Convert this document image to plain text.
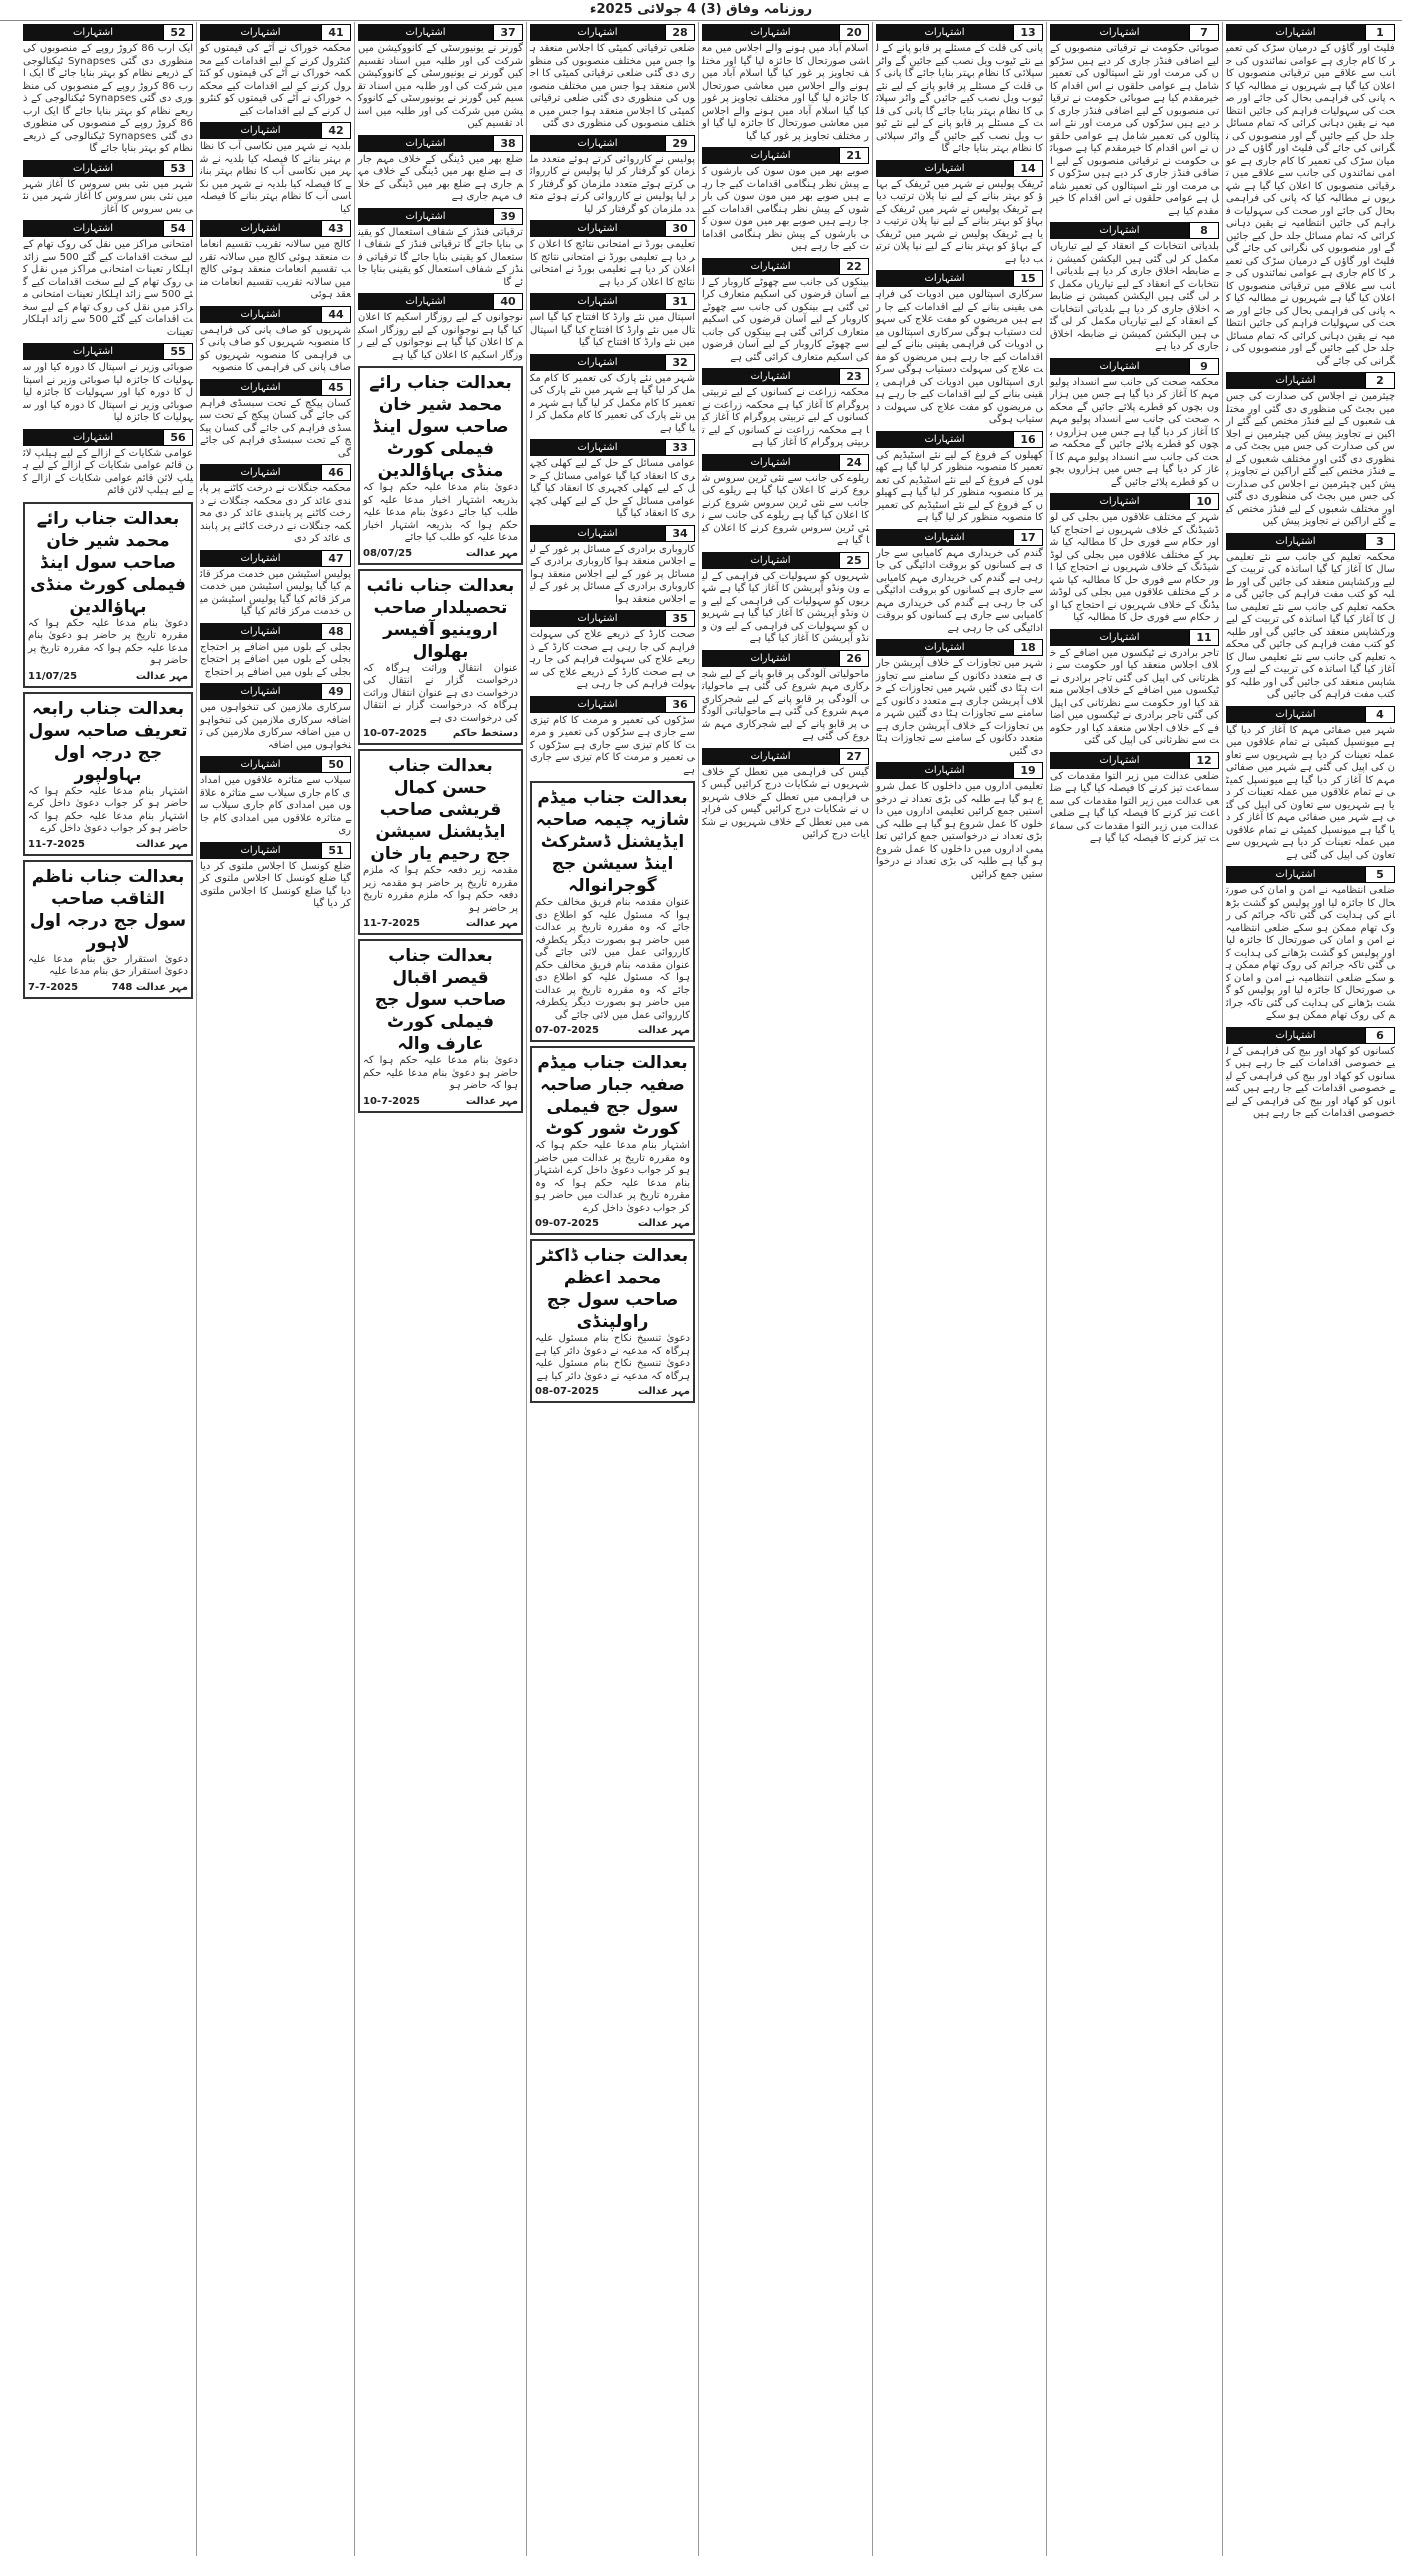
روزنامہ وفاق (3) 4 جولائی 2025ء
1
اشتہارات
فلیٹ اور گاؤں کے درمیان سڑک کی تعمیر کا کام جاری ہے عوامی نمائندوں کی جانب سے علاقے میں ترقیاتی منصوبوں کا اعلان کیا گیا ہے شہریوں نے مطالبہ کیا کہ پانی کی فراہمی بحال کی جائے اور صحت کی سہولیات فراہم کی جائیں انتظامیہ نے یقین دہانی کرائی کہ تمام مسائل جلد حل کیے جائیں گے اور منصوبوں کی نگرانی کی جائے گی فلیٹ اور گاؤں کے درمیان سڑک کی تعمیر کا کام جاری ہے عوامی نمائندوں کی جانب سے علاقے میں ترقیاتی منصوبوں کا اعلان کیا گیا ہے شہریوں نے مطالبہ کیا کہ پانی کی فراہمی بحال کی جائے اور صحت کی سہولیات فراہم کی جائیں انتظامیہ نے یقین دہانی کرائی کہ تمام مسائل جلد حل کیے جائیں گے اور منصوبوں کی نگرانی کی جائے گی فلیٹ اور گاؤں کے درمیان سڑک کی تعمیر کا کام جاری ہے عوامی نمائندوں کی جانب سے علاقے میں ترقیاتی منصوبوں کا اعلان کیا گیا ہے شہریوں نے مطالبہ کیا کہ پانی کی فراہمی بحال کی جائے اور صحت کی سہولیات فراہم کی جائیں انتظامیہ نے یقین دہانی کرائی کہ تمام مسائل جلد حل کیے جائیں گے اور منصوبوں کی نگرانی کی جائے گی
2
اشتہارات
چیئرمین نے اجلاس کی صدارت کی جس میں بجٹ کی منظوری دی گئی اور مختلف شعبوں کے لیے فنڈز مختص کیے گئے اراکین نے تجاویز پیش کیں چیئرمین نے اجلاس کی صدارت کی جس میں بجٹ کی منظوری دی گئی اور مختلف شعبوں کے لیے فنڈز مختص کیے گئے اراکین نے تجاویز پیش کیں چیئرمین نے اجلاس کی صدارت کی جس میں بجٹ کی منظوری دی گئی اور مختلف شعبوں کے لیے فنڈز مختص کیے گئے اراکین نے تجاویز پیش کیں
3
اشتہارات
محکمہ تعلیم کی جانب سے نئے تعلیمی سال کا آغاز کیا گیا اساتذہ کی تربیت کے لیے ورکشاپس منعقد کی جائیں گی اور طلبہ کو کتب مفت فراہم کی جائیں گی محکمہ تعلیم کی جانب سے نئے تعلیمی سال کا آغاز کیا گیا اساتذہ کی تربیت کے لیے ورکشاپس منعقد کی جائیں گی اور طلبہ کو کتب مفت فراہم کی جائیں گی محکمہ تعلیم کی جانب سے نئے تعلیمی سال کا آغاز کیا گیا اساتذہ کی تربیت کے لیے ورکشاپس منعقد کی جائیں گی اور طلبہ کو کتب مفت فراہم کی جائیں گی
4
اشتہارات
شہر میں صفائی مہم کا آغاز کر دیا گیا ہے میونسپل کمیٹی نے تمام علاقوں میں عملہ تعینات کر دیا ہے شہریوں سے تعاون کی اپیل کی گئی ہے شہر میں صفائی مہم کا آغاز کر دیا گیا ہے میونسپل کمیٹی نے تمام علاقوں میں عملہ تعینات کر دیا ہے شہریوں سے تعاون کی اپیل کی گئی ہے شہر میں صفائی مہم کا آغاز کر دیا گیا ہے میونسپل کمیٹی نے تمام علاقوں میں عملہ تعینات کر دیا ہے شہریوں سے تعاون کی اپیل کی گئی ہے
5
اشتہارات
ضلعی انتظامیہ نے امن و امان کی صورتحال کا جائزہ لیا اور پولیس کو گشت بڑھانے کی ہدایت کی گئی تاکہ جرائم کی روک تھام ممکن ہو سکے ضلعی انتظامیہ نے امن و امان کی صورتحال کا جائزہ لیا اور پولیس کو گشت بڑھانے کی ہدایت کی گئی تاکہ جرائم کی روک تھام ممکن ہو سکے ضلعی انتظامیہ نے امن و امان کی صورتحال کا جائزہ لیا اور پولیس کو گشت بڑھانے کی ہدایت کی گئی تاکہ جرائم کی روک تھام ممکن ہو سکے
6
اشتہارات
کسانوں کو کھاد اور بیج کی فراہمی کے لیے خصوصی اقدامات کیے جا رہے ہیں کسانوں کو کھاد اور بیج کی فراہمی کے لیے خصوصی اقدامات کیے جا رہے ہیں کسانوں کو کھاد اور بیج کی فراہمی کے لیے خصوصی اقدامات کیے جا رہے ہیں
7
اشتہارات
صوبائی حکومت نے ترقیاتی منصوبوں کے لیے اضافی فنڈز جاری کر دیے ہیں سڑکوں کی مرمت اور نئے اسپتالوں کی تعمیر شامل ہے عوامی حلقوں نے اس اقدام کا خیرمقدم کیا ہے صوبائی حکومت نے ترقیاتی منصوبوں کے لیے اضافی فنڈز جاری کر دیے ہیں سڑکوں کی مرمت اور نئے اسپتالوں کی تعمیر شامل ہے عوامی حلقوں نے اس اقدام کا خیرمقدم کیا ہے صوبائی حکومت نے ترقیاتی منصوبوں کے لیے اضافی فنڈز جاری کر دیے ہیں سڑکوں کی مرمت اور نئے اسپتالوں کی تعمیر شامل ہے عوامی حلقوں نے اس اقدام کا خیرمقدم کیا ہے
8
اشتہارات
بلدیاتی انتخابات کے انعقاد کے لیے تیاریاں مکمل کر لی گئی ہیں الیکشن کمیشن نے ضابطہ اخلاق جاری کر دیا ہے بلدیاتی انتخابات کے انعقاد کے لیے تیاریاں مکمل کر لی گئی ہیں الیکشن کمیشن نے ضابطہ اخلاق جاری کر دیا ہے بلدیاتی انتخابات کے انعقاد کے لیے تیاریاں مکمل کر لی گئی ہیں الیکشن کمیشن نے ضابطہ اخلاق جاری کر دیا ہے
9
اشتہارات
محکمہ صحت کی جانب سے انسداد پولیو مہم کا آغاز کر دیا گیا ہے جس میں ہزاروں بچوں کو قطرے پلائے جائیں گے محکمہ صحت کی جانب سے انسداد پولیو مہم کا آغاز کر دیا گیا ہے جس میں ہزاروں بچوں کو قطرے پلائے جائیں گے محکمہ صحت کی جانب سے انسداد پولیو مہم کا آغاز کر دیا گیا ہے جس میں ہزاروں بچوں کو قطرے پلائے جائیں گے
10
اشتہارات
شہر کے مختلف علاقوں میں بجلی کی لوڈشیڈنگ کے خلاف شہریوں نے احتجاج کیا اور حکام سے فوری حل کا مطالبہ کیا شہر کے مختلف علاقوں میں بجلی کی لوڈشیڈنگ کے خلاف شہریوں نے احتجاج کیا اور حکام سے فوری حل کا مطالبہ کیا شہر کے مختلف علاقوں میں بجلی کی لوڈشیڈنگ کے خلاف شہریوں نے احتجاج کیا اور حکام سے فوری حل کا مطالبہ کیا
11
اشتہارات
تاجر برادری نے ٹیکسوں میں اضافے کے خلاف اجلاس منعقد کیا اور حکومت سے نظرثانی کی اپیل کی گئی تاجر برادری نے ٹیکسوں میں اضافے کے خلاف اجلاس منعقد کیا اور حکومت سے نظرثانی کی اپیل کی گئی تاجر برادری نے ٹیکسوں میں اضافے کے خلاف اجلاس منعقد کیا اور حکومت سے نظرثانی کی اپیل کی گئی
12
اشتہارات
ضلعی عدالت میں زیر التوا مقدمات کی سماعت تیز کرنے کا فیصلہ کیا گیا ہے ضلعی عدالت میں زیر التوا مقدمات کی سماعت تیز کرنے کا فیصلہ کیا گیا ہے ضلعی عدالت میں زیر التوا مقدمات کی سماعت تیز کرنے کا فیصلہ کیا گیا ہے
13
اشتہارات
پانی کی قلت کے مسئلے پر قابو پانے کے لیے نئے ٹیوب ویل نصب کیے جائیں گے واٹر سپلائی کا نظام بہتر بنایا جائے گا پانی کی قلت کے مسئلے پر قابو پانے کے لیے نئے ٹیوب ویل نصب کیے جائیں گے واٹر سپلائی کا نظام بہتر بنایا جائے گا پانی کی قلت کے مسئلے پر قابو پانے کے لیے نئے ٹیوب ویل نصب کیے جائیں گے واٹر سپلائی کا نظام بہتر بنایا جائے گا
14
اشتہارات
ٹریفک پولیس نے شہر میں ٹریفک کے بہاؤ کو بہتر بنانے کے لیے نیا پلان ترتیب دیا ہے ٹریفک پولیس نے شہر میں ٹریفک کے بہاؤ کو بہتر بنانے کے لیے نیا پلان ترتیب دیا ہے ٹریفک پولیس نے شہر میں ٹریفک کے بہاؤ کو بہتر بنانے کے لیے نیا پلان ترتیب دیا ہے
15
اشتہارات
سرکاری اسپتالوں میں ادویات کی فراہمی یقینی بنانے کے لیے اقدامات کیے جا رہے ہیں مریضوں کو مفت علاج کی سہولت دستیاب ہوگی سرکاری اسپتالوں میں ادویات کی فراہمی یقینی بنانے کے لیے اقدامات کیے جا رہے ہیں مریضوں کو مفت علاج کی سہولت دستیاب ہوگی سرکاری اسپتالوں میں ادویات کی فراہمی یقینی بنانے کے لیے اقدامات کیے جا رہے ہیں مریضوں کو مفت علاج کی سہولت دستیاب ہوگی
16
اشتہارات
کھیلوں کے فروغ کے لیے نئے اسٹیڈیم کی تعمیر کا منصوبہ منظور کر لیا گیا ہے کھیلوں کے فروغ کے لیے نئے اسٹیڈیم کی تعمیر کا منصوبہ منظور کر لیا گیا ہے کھیلوں کے فروغ کے لیے نئے اسٹیڈیم کی تعمیر کا منصوبہ منظور کر لیا گیا ہے
17
اشتہارات
گندم کی خریداری مہم کامیابی سے جاری ہے کسانوں کو بروقت ادائیگی کی جا رہی ہے گندم کی خریداری مہم کامیابی سے جاری ہے کسانوں کو بروقت ادائیگی کی جا رہی ہے گندم کی خریداری مہم کامیابی سے جاری ہے کسانوں کو بروقت ادائیگی کی جا رہی ہے
18
اشتہارات
شہر میں تجاوزات کے خلاف آپریشن جاری ہے متعدد دکانوں کے سامنے سے تجاوزات ہٹا دی گئیں شہر میں تجاوزات کے خلاف آپریشن جاری ہے متعدد دکانوں کے سامنے سے تجاوزات ہٹا دی گئیں شہر میں تجاوزات کے خلاف آپریشن جاری ہے متعدد دکانوں کے سامنے سے تجاوزات ہٹا دی گئیں
19
اشتہارات
تعلیمی اداروں میں داخلوں کا عمل شروع ہو گیا ہے طلبہ کی بڑی تعداد نے درخواستیں جمع کرائیں تعلیمی اداروں میں داخلوں کا عمل شروع ہو گیا ہے طلبہ کی بڑی تعداد نے درخواستیں جمع کرائیں تعلیمی اداروں میں داخلوں کا عمل شروع ہو گیا ہے طلبہ کی بڑی تعداد نے درخواستیں جمع کرائیں
20
اشتہارات
اسلام آباد میں ہونے والے اجلاس میں معاشی صورتحال کا جائزہ لیا گیا اور مختلف تجاویز پر غور کیا گیا اسلام آباد میں ہونے والے اجلاس میں معاشی صورتحال کا جائزہ لیا گیا اور مختلف تجاویز پر غور کیا گیا اسلام آباد میں ہونے والے اجلاس میں معاشی صورتحال کا جائزہ لیا گیا اور مختلف تجاویز پر غور کیا گیا
21
اشتہارات
صوبے بھر میں مون سون کی بارشوں کے پیش نظر ہنگامی اقدامات کیے جا رہے ہیں صوبے بھر میں مون سون کی بارشوں کے پیش نظر ہنگامی اقدامات کیے جا رہے ہیں صوبے بھر میں مون سون کی بارشوں کے پیش نظر ہنگامی اقدامات کیے جا رہے ہیں
22
اشتہارات
بینکوں کی جانب سے چھوٹے کاروبار کے لیے آسان قرضوں کی اسکیم متعارف کرائی گئی ہے بینکوں کی جانب سے چھوٹے کاروبار کے لیے آسان قرضوں کی اسکیم متعارف کرائی گئی ہے بینکوں کی جانب سے چھوٹے کاروبار کے لیے آسان قرضوں کی اسکیم متعارف کرائی گئی ہے
23
اشتہارات
محکمہ زراعت نے کسانوں کے لیے تربیتی پروگرام کا آغاز کیا ہے محکمہ زراعت نے کسانوں کے لیے تربیتی پروگرام کا آغاز کیا ہے محکمہ زراعت نے کسانوں کے لیے تربیتی پروگرام کا آغاز کیا ہے
24
اشتہارات
ریلوے کی جانب سے نئی ٹرین سروس شروع کرنے کا اعلان کیا گیا ہے ریلوے کی جانب سے نئی ٹرین سروس شروع کرنے کا اعلان کیا گیا ہے ریلوے کی جانب سے نئی ٹرین سروس شروع کرنے کا اعلان کیا گیا ہے
25
اشتہارات
شہریوں کو سہولیات کی فراہمی کے لیے ون ونڈو آپریشن کا آغاز کیا گیا ہے شہریوں کو سہولیات کی فراہمی کے لیے ون ونڈو آپریشن کا آغاز کیا گیا ہے شہریوں کو سہولیات کی فراہمی کے لیے ون ونڈو آپریشن کا آغاز کیا گیا ہے
26
اشتہارات
ماحولیاتی آلودگی پر قابو پانے کے لیے شجرکاری مہم شروع کی گئی ہے ماحولیاتی آلودگی پر قابو پانے کے لیے شجرکاری مہم شروع کی گئی ہے ماحولیاتی آلودگی پر قابو پانے کے لیے شجرکاری مہم شروع کی گئی ہے
27
اشتہارات
گیس کی فراہمی میں تعطل کے خلاف شہریوں نے شکایات درج کرائیں گیس کی فراہمی میں تعطل کے خلاف شہریوں نے شکایات درج کرائیں گیس کی فراہمی میں تعطل کے خلاف شہریوں نے شکایات درج کرائیں
28
اشتہارات
ضلعی ترقیاتی کمیٹی کا اجلاس منعقد ہوا جس میں مختلف منصوبوں کی منظوری دی گئی ضلعی ترقیاتی کمیٹی کا اجلاس منعقد ہوا جس میں مختلف منصوبوں کی منظوری دی گئی ضلعی ترقیاتی کمیٹی کا اجلاس منعقد ہوا جس میں مختلف منصوبوں کی منظوری دی گئی
29
اشتہارات
پولیس نے کارروائی کرتے ہوئے متعدد ملزمان کو گرفتار کر لیا پولیس نے کارروائی کرتے ہوئے متعدد ملزمان کو گرفتار کر لیا پولیس نے کارروائی کرتے ہوئے متعدد ملزمان کو گرفتار کر لیا
30
اشتہارات
تعلیمی بورڈ نے امتحانی نتائج کا اعلان کر دیا ہے تعلیمی بورڈ نے امتحانی نتائج کا اعلان کر دیا ہے تعلیمی بورڈ نے امتحانی نتائج کا اعلان کر دیا ہے
31
اشتہارات
اسپتال میں نئے وارڈ کا افتتاح کیا گیا اسپتال میں نئے وارڈ کا افتتاح کیا گیا اسپتال میں نئے وارڈ کا افتتاح کیا گیا
32
اشتہارات
شہر میں نئے پارک کی تعمیر کا کام مکمل کر لیا گیا ہے شہر میں نئے پارک کی تعمیر کا کام مکمل کر لیا گیا ہے شہر میں نئے پارک کی تعمیر کا کام مکمل کر لیا گیا ہے
33
اشتہارات
عوامی مسائل کے حل کے لیے کھلی کچہری کا انعقاد کیا گیا عوامی مسائل کے حل کے لیے کھلی کچہری کا انعقاد کیا گیا عوامی مسائل کے حل کے لیے کھلی کچہری کا انعقاد کیا گیا
34
اشتہارات
کاروباری برادری کے مسائل پر غور کے لیے اجلاس منعقد ہوا کاروباری برادری کے مسائل پر غور کے لیے اجلاس منعقد ہوا کاروباری برادری کے مسائل پر غور کے لیے اجلاس منعقد ہوا
35
اشتہارات
صحت کارڈ کے ذریعے علاج کی سہولت فراہم کی جا رہی ہے صحت کارڈ کے ذریعے علاج کی سہولت فراہم کی جا رہی ہے صحت کارڈ کے ذریعے علاج کی سہولت فراہم کی جا رہی ہے
36
اشتہارات
سڑکوں کی تعمیر و مرمت کا کام تیزی سے جاری ہے سڑکوں کی تعمیر و مرمت کا کام تیزی سے جاری ہے سڑکوں کی تعمیر و مرمت کا کام تیزی سے جاری ہے
بعدالت جناب میڈم شازیہ چیمہ صاحبہ ایڈیشنل ڈسٹرکٹ اینڈ سیشن جج گوجرانوالہ
عنوان مقدمہ بنام فریق مخالف حکم ہوا کہ مسئول علیہ کو اطلاع دی جائے کہ وہ مقررہ تاریخ پر عدالت میں حاضر ہو بصورت دیگر یکطرفہ کارروائی عمل میں لائی جائے گی عنوان مقدمہ بنام فریق مخالف حکم ہوا کہ مسئول علیہ کو اطلاع دی جائے کہ وہ مقررہ تاریخ پر عدالت میں حاضر ہو بصورت دیگر یکطرفہ کارروائی عمل میں لائی جائے گی
مہر عدالت
07-07-2025
بعدالت جناب میڈم صفیہ جبار صاحبہ سول جج فیملی کورٹ شور کوٹ
اشتہار بنام مدعا علیہ حکم ہوا کہ وہ مقررہ تاریخ پر عدالت میں حاضر ہو کر جواب دعویٰ داخل کرے اشتہار بنام مدعا علیہ حکم ہوا کہ وہ مقررہ تاریخ پر عدالت میں حاضر ہو کر جواب دعویٰ داخل کرے
مہر عدالت
09-07-2025
بعدالت جناب ڈاکٹر محمد اعظم صاحب سول جج راولپنڈی
دعویٰ تنسیخ نکاح بنام مسئول علیہ ہرگاہ کہ مدعیہ نے دعویٰ دائر کیا ہے دعویٰ تنسیخ نکاح بنام مسئول علیہ ہرگاہ کہ مدعیہ نے دعویٰ دائر کیا ہے
مہر عدالت
08-07-2025
37
اشتہارات
گورنر نے یونیورسٹی کے کانووکیشن میں شرکت کی اور طلبہ میں اسناد تقسیم کیں گورنر نے یونیورسٹی کے کانووکیشن میں شرکت کی اور طلبہ میں اسناد تقسیم کیں گورنر نے یونیورسٹی کے کانووکیشن میں شرکت کی اور طلبہ میں اسناد تقسیم کیں
38
اشتہارات
ضلع بھر میں ڈینگی کے خلاف مہم جاری ہے ضلع بھر میں ڈینگی کے خلاف مہم جاری ہے ضلع بھر میں ڈینگی کے خلاف مہم جاری ہے
39
اشتہارات
ترقیاتی فنڈز کے شفاف استعمال کو یقینی بنایا جائے گا ترقیاتی فنڈز کے شفاف استعمال کو یقینی بنایا جائے گا ترقیاتی فنڈز کے شفاف استعمال کو یقینی بنایا جائے گا
40
اشتہارات
نوجوانوں کے لیے روزگار اسکیم کا اعلان کیا گیا ہے نوجوانوں کے لیے روزگار اسکیم کا اعلان کیا گیا ہے نوجوانوں کے لیے روزگار اسکیم کا اعلان کیا گیا ہے
بعدالت جناب رائے محمد شیر خان صاحب سول اینڈ فیملی کورٹ منڈی بہاؤالدین
دعویٰ بنام مدعا علیہ حکم ہوا کہ بذریعہ اشتہار اخبار مدعا علیہ کو طلب کیا جائے دعویٰ بنام مدعا علیہ حکم ہوا کہ بذریعہ اشتہار اخبار مدعا علیہ کو طلب کیا جائے
مہر عدالت
08/07/25
بعدالت جناب نائب تحصیلدار صاحب اروینیو آفیسر بھلوال
عنوان انتقال وراثت ہرگاہ کہ درخواست گزار نے انتقال کی درخواست دی ہے عنوان انتقال وراثت ہرگاہ کہ درخواست گزار نے انتقال کی درخواست دی ہے
دستخط حاکم
10-07-2025
بعدالت جناب حسن کمال قریشی صاحب ایڈیشنل سیشن جج رحیم یار خان
مقدمہ زیر دفعہ حکم ہوا کہ ملزم مقررہ تاریخ پر حاضر ہو مقدمہ زیر دفعہ حکم ہوا کہ ملزم مقررہ تاریخ پر حاضر ہو
مہر عدالت
11-7-2025
بعدالت جناب قیصر اقبال صاحب سول جج فیملی کورٹ عارف والہ
دعویٰ بنام مدعا علیہ حکم ہوا کہ حاضر ہو دعویٰ بنام مدعا علیہ حکم ہوا کہ حاضر ہو
مہر عدالت
10-7-2025
41
اشتہارات
محکمہ خوراک نے آٹے کی قیمتوں کو کنٹرول کرنے کے لیے اقدامات کیے محکمہ خوراک نے آٹے کی قیمتوں کو کنٹرول کرنے کے لیے اقدامات کیے محکمہ خوراک نے آٹے کی قیمتوں کو کنٹرول کرنے کے لیے اقدامات کیے
42
اشتہارات
بلدیہ نے شہر میں نکاسی آب کا نظام بہتر بنانے کا فیصلہ کیا بلدیہ نے شہر میں نکاسی آب کا نظام بہتر بنانے کا فیصلہ کیا بلدیہ نے شہر میں نکاسی آب کا نظام بہتر بنانے کا فیصلہ کیا
43
اشتہارات
کالج میں سالانہ تقریب تقسیم انعامات منعقد ہوئی کالج میں سالانہ تقریب تقسیم انعامات منعقد ہوئی کالج میں سالانہ تقریب تقسیم انعامات منعقد ہوئی
44
اشتہارات
شہریوں کو صاف پانی کی فراہمی کا منصوبہ شہریوں کو صاف پانی کی فراہمی کا منصوبہ شہریوں کو صاف پانی کی فراہمی کا منصوبہ
45
اشتہارات
کسان پیکج کے تحت سبسڈی فراہم کی جائے گی کسان پیکج کے تحت سبسڈی فراہم کی جائے گی کسان پیکج کے تحت سبسڈی فراہم کی جائے گی
46
اشتہارات
محکمہ جنگلات نے درخت کاٹنے پر پابندی عائد کر دی محکمہ جنگلات نے درخت کاٹنے پر پابندی عائد کر دی محکمہ جنگلات نے درخت کاٹنے پر پابندی عائد کر دی
47
اشتہارات
پولیس اسٹیشن میں خدمت مرکز قائم کیا گیا پولیس اسٹیشن میں خدمت مرکز قائم کیا گیا پولیس اسٹیشن میں خدمت مرکز قائم کیا گیا
48
اشتہارات
بجلی کے بلوں میں اضافے پر احتجاج بجلی کے بلوں میں اضافے پر احتجاج بجلی کے بلوں میں اضافے پر احتجاج
49
اشتہارات
سرکاری ملازمین کی تنخواہوں میں اضافہ سرکاری ملازمین کی تنخواہوں میں اضافہ سرکاری ملازمین کی تنخواہوں میں اضافہ
50
اشتہارات
سیلاب سے متاثرہ علاقوں میں امدادی کام جاری سیلاب سے متاثرہ علاقوں میں امدادی کام جاری سیلاب سے متاثرہ علاقوں میں امدادی کام جاری
51
اشتہارات
ضلع کونسل کا اجلاس ملتوی کر دیا گیا ضلع کونسل کا اجلاس ملتوی کر دیا گیا ضلع کونسل کا اجلاس ملتوی کر دیا گیا
52
اشتہارات
ایک ارب 86 کروڑ روپے کے منصوبوں کی منظوری دی گئی Synapses ٹیکنالوجی کے ذریعے نظام کو بہتر بنایا جائے گا ایک ارب 86 کروڑ روپے کے منصوبوں کی منظوری دی گئی Synapses ٹیکنالوجی کے ذریعے نظام کو بہتر بنایا جائے گا ایک ارب 86 کروڑ روپے کے منصوبوں کی منظوری دی گئی Synapses ٹیکنالوجی کے ذریعے نظام کو بہتر بنایا جائے گا
53
اشتہارات
شہر میں نئی بس سروس کا آغاز شہر میں نئی بس سروس کا آغاز شہر میں نئی بس سروس کا آغاز
54
اشتہارات
امتحانی مراکز میں نقل کی روک تھام کے لیے سخت اقدامات کیے گئے 500 سے زائد اہلکار تعینات امتحانی مراکز میں نقل کی روک تھام کے لیے سخت اقدامات کیے گئے 500 سے زائد اہلکار تعینات امتحانی مراکز میں نقل کی روک تھام کے لیے سخت اقدامات کیے گئے 500 سے زائد اہلکار تعینات
55
اشتہارات
صوبائی وزیر نے اسپتال کا دورہ کیا اور سہولیات کا جائزہ لیا صوبائی وزیر نے اسپتال کا دورہ کیا اور سہولیات کا جائزہ لیا صوبائی وزیر نے اسپتال کا دورہ کیا اور سہولیات کا جائزہ لیا
56
اشتہارات
عوامی شکایات کے ازالے کے لیے ہیلپ لائن قائم عوامی شکایات کے ازالے کے لیے ہیلپ لائن قائم عوامی شکایات کے ازالے کے لیے ہیلپ لائن قائم
بعدالت جناب رائے محمد شیر خان صاحب سول اینڈ فیملی کورٹ منڈی بہاؤالدین
دعویٰ بنام مدعا علیہ حکم ہوا کہ مقررہ تاریخ پر حاضر ہو دعویٰ بنام مدعا علیہ حکم ہوا کہ مقررہ تاریخ پر حاضر ہو
مہر عدالت
11/07/25
بعدالت جناب رابعہ تعریف صاحبہ سول جج درجہ اول بہاولپور
اشتہار بنام مدعا علیہ حکم ہوا کہ حاضر ہو کر جواب دعویٰ داخل کرے اشتہار بنام مدعا علیہ حکم ہوا کہ حاضر ہو کر جواب دعویٰ داخل کرے
مہر عدالت
11-7-2025
بعدالت جناب ناظم الثاقب صاحب سول جج درجہ اول لاہور
دعویٰ استقرار حق بنام مدعا علیہ دعویٰ استقرار حق بنام مدعا علیہ
مہر عدالت 748
7-7-2025
